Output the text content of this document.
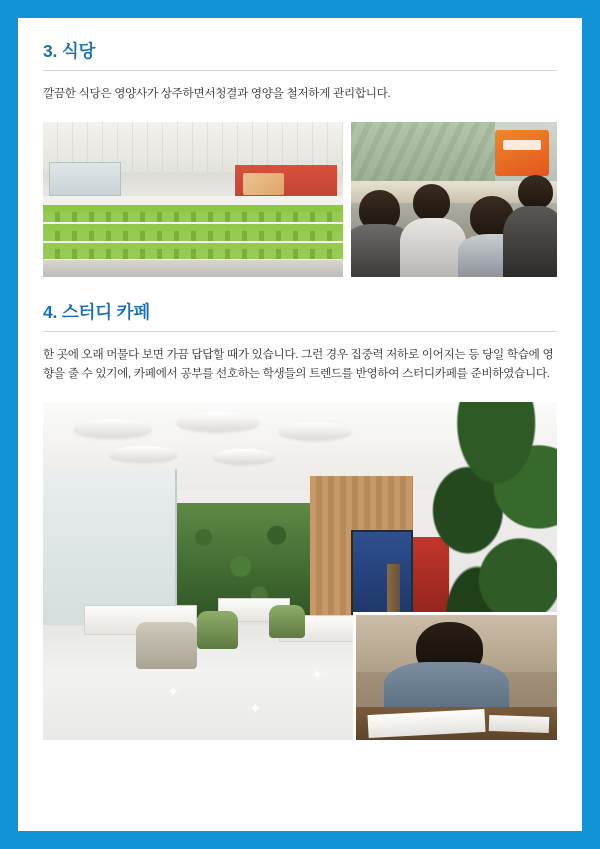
3. 식당

깔끔한 식당은 영양사가 상주하면서청결과 영양을 철저하게 관리합니다.

4. 스터디 카페

한 곳에 오래 머물다 보면 가끔 답답할 때가 있습니다. 그런 경우 집중력 저하로 이어지는 등 당일 학습에 영향을 줄 수 있기에, 카페에서 공부를 선호하는 학생들의 트렌드를 반영하여 스터디카페를 준비하였습니다.

✦
✦
✦
